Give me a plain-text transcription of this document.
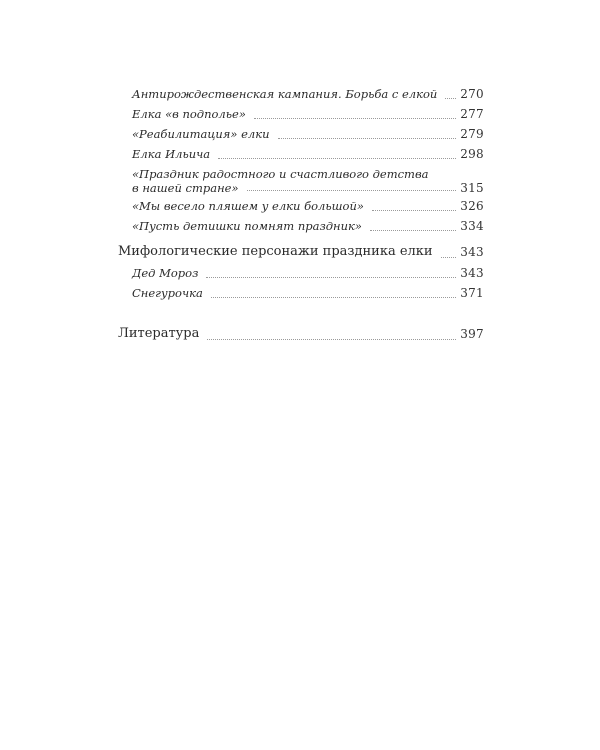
Антирождественская кампания. Борьба с елкой 270
Елка «в подполье»	277
«Реабилитация» елки	279
Елка Ильича	298
«Праздник радостного и счастливого детства
в нашей стране»	315
«Мы весело пляшем у елки большой»	326
«Пусть детишки помнят праздник»	334
Мифологические персонажи праздника елки 343
Дед Мороз	343
Снегурочка	371
Литература	397
